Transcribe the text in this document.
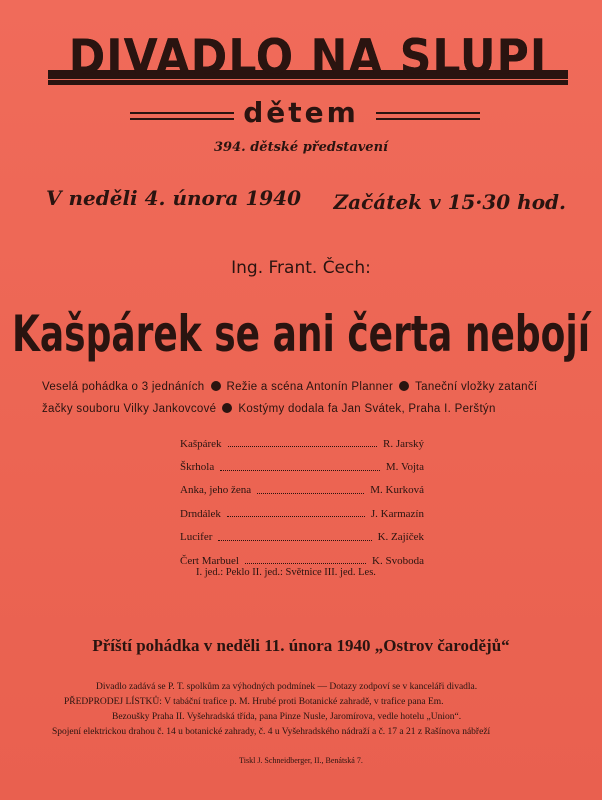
DIVADLO NA SLUPI
dětem
394. dětské představení
V neděli 4. února 1940 Začátek v 15·30 hod.
Ing. Frant. Čech:
Kašpárek se ani čerta nebojí
Veselá pohádka o 3 jednáních Režie a scéna Antonín Planner Taneční vložky zatančí
žačky souboru Vilky Jankovcové Kostýmy dodala fa Jan Svátek, Praha I. Perštýn
Kašpárek	R. Jarský
Škrhola	M. Vojta
Anka, jeho žena	M. Kurková
Drndálek	J. Karmazín
Lucifer	K. Zajíček
Čert Marbuel	K. Svoboda
I. jed.: Peklo II. jed.: Světnice III. jed. Les.
Příští pohádka v neděli 11. února 1940 „Ostrov čarodějů“
Divadlo zadává se P. T. spolkům za výhodných podmínek — Dotazy zodpoví se v kanceláři divadla.
PŘEDPRODEJ LÍSTKŮ: V tabáční trafice p. M. Hrubé proti Botanické zahradě, v trafice pana Em.
Bezoušky Praha II. Vyšehradská třída, pana Pinze Nusle, Jaromírova, vedle hotelu „Union“.
Spojení elektrickou drahou č. 14 u botanické zahrady, č. 4 u Vyšehradského nádraží a č. 17 a 21 z Rašínova nábřeží
Tiskl J. Schneidberger, II., Benátská 7.
